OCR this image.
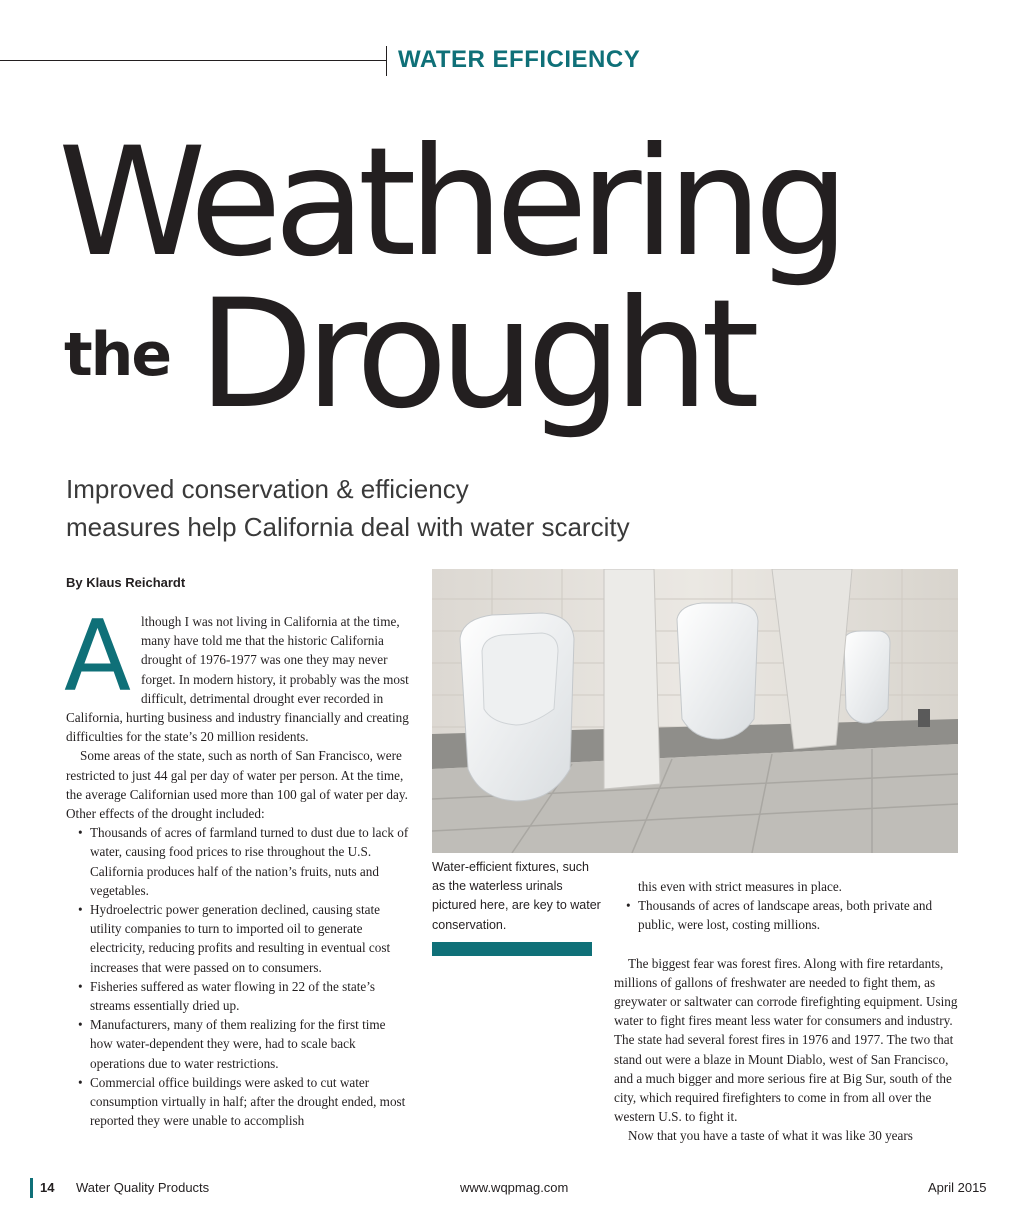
WATER EFFICIENCY
Weathering
the Drought
Improved conservation & efficiency
measures help California deal with water scarcity
By Klaus Reichardt

Although I was not living in California at the time, many have told me that the historic California drought of 1976-1977 was one they may never forget. In modern history, it probably was the most difficult, detrimental drought ever recorded in California, hurting business and industry financially and creating difficulties for the state’s 20 million residents.

Some areas of the state, such as north of San Francisco, were restricted to just 44 gal per day of water per person. At the time, the average Californian used more than 100 gal of water per day. Other effects of the drought included:

• Thousands of acres of farmland turned to dust due to lack of water, causing food prices to rise throughout the U.S. California produces half of the nation’s fruits, nuts and vegetables.
• Hydroelectric power generation declined, causing state utility companies to turn to imported oil to generate electricity, reducing profits and resulting in eventual cost increases that were passed on to consumers.
• Fisheries suffered as water flowing in 22 of the state’s streams essentially dried up.
• Manufacturers, many of them realizing for the first time how water-dependent they were, had to scale back operations due to water restrictions.
• Commercial office buildings were asked to cut water consumption virtually in half; after the drought ended, most reported they were unable to accomplish
Water-efficient fixtures, such as the waterless urinals pictured here, are key to water conservation.
this even with strict measures in place.
• Thousands of acres of landscape areas, both private and public, were lost, costing millions.

The biggest fear was forest fires. Along with fire retardants, millions of gallons of freshwater are needed to fight them, as greywater or saltwater can corrode firefighting equipment. Using water to fight fires meant less water for consumers and industry. The state had several forest fires in 1976 and 1977. The two that stand out were a blaze in Mount Diablo, west of San Francisco, and a much bigger and more serious fire at Big Sur, south of the city, which required firefighters to come in from all over the western U.S. to fight it.

Now that you have a taste of what it was like 30 years

14 Water Quality Products	www.wqpmag.com	April 2015
